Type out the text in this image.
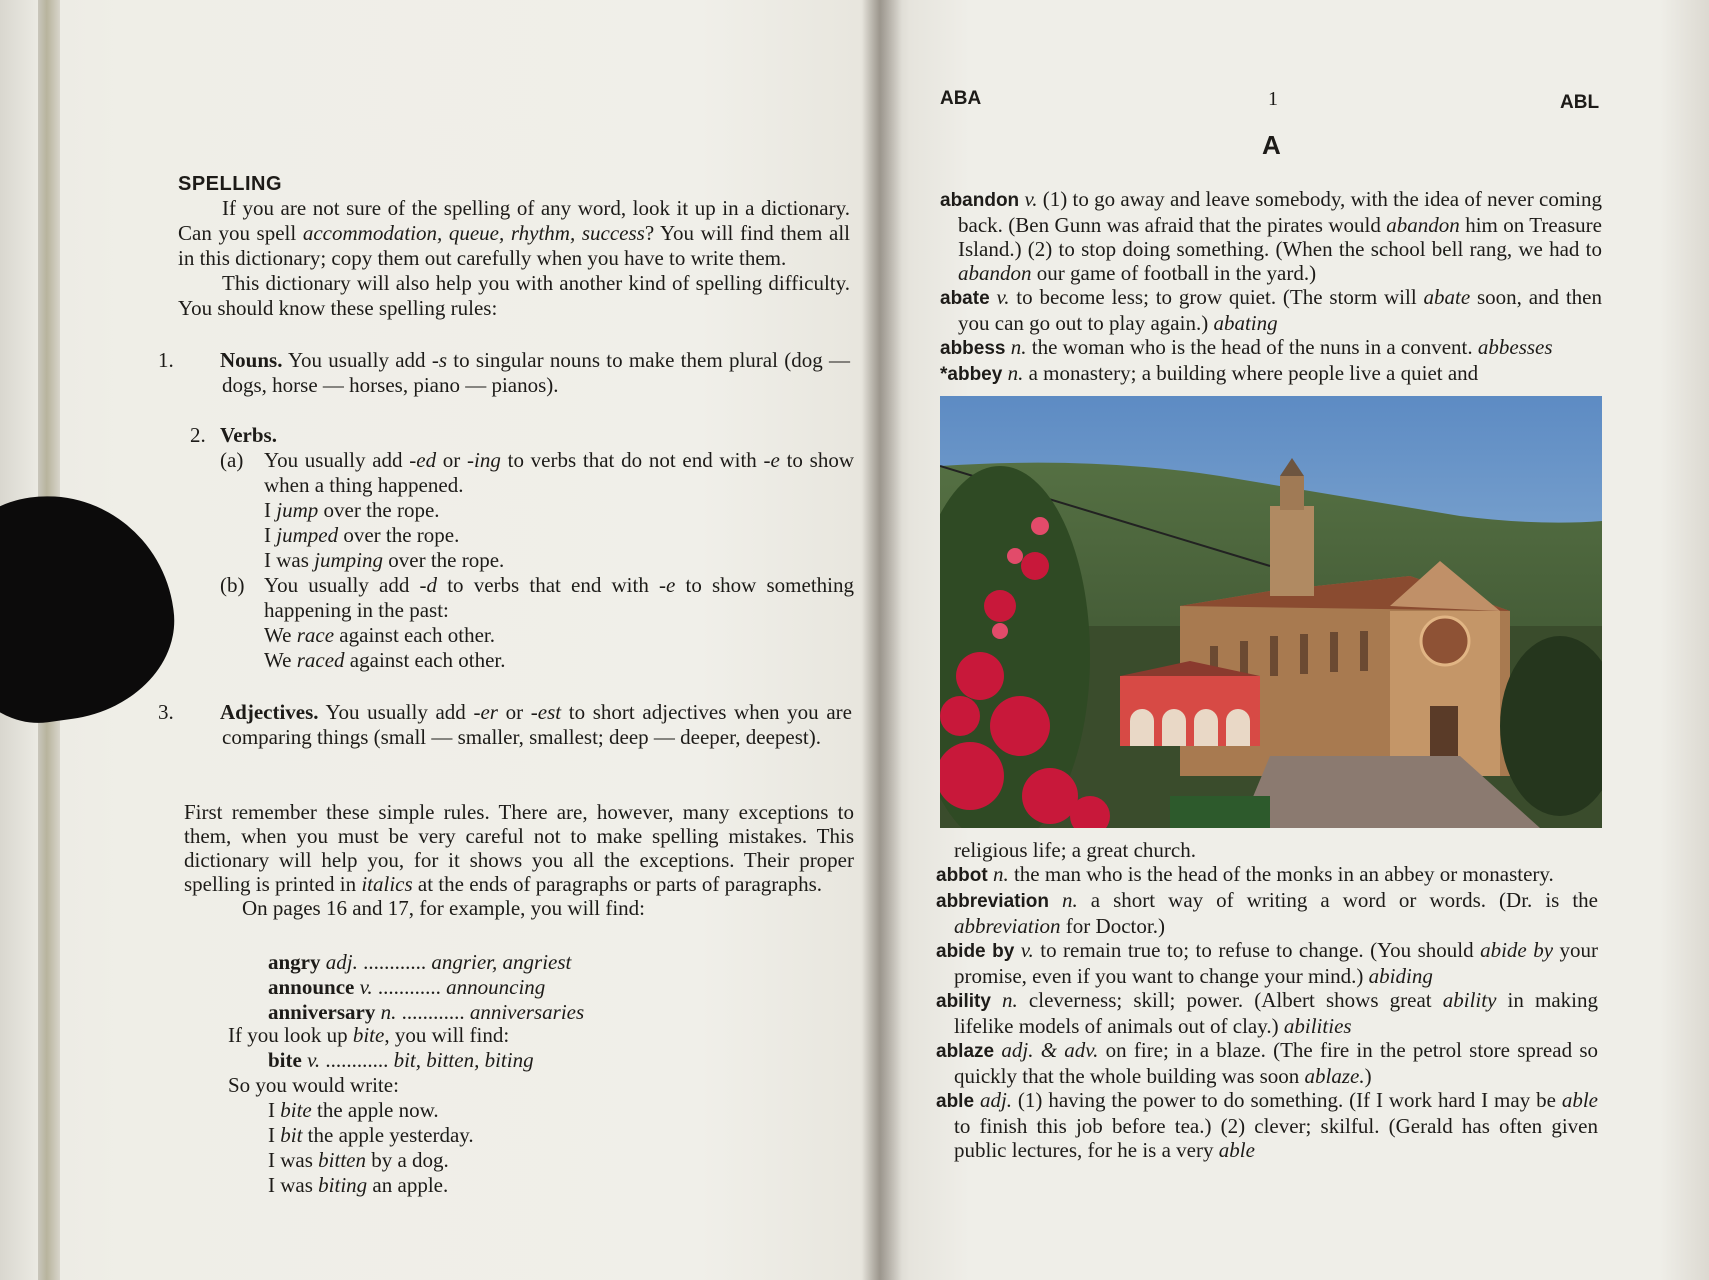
SPELLING

If you are not sure of the spelling of any word, look it up in a dictionary. Can you spell accommodation, queue, rhythm, success? You will find them all in this dictionary; copy them out carefully when you have to write them.

This dictionary will also help you with another kind of spelling difficulty. You should know these spelling rules:

1. Nouns. You usually add -s to singular nouns to make them plural (dog — dogs, horse — horses, piano — pianos).

2. Verbs.

(a) You usually add -ed or -ing to verbs that do not end with -e to show when a thing happened.

I jump over the rope.

I jumped over the rope.

I was jumping over the rope.

(b) You usually add -d to verbs that end with -e to show something happening in the past:

We race against each other.

We raced against each other.

3. Adjectives. You usually add -er or -est to short adjectives when you are comparing things (small — smaller, smallest; deep — deeper, deepest).

First remember these simple rules. There are, however, many exceptions to them, when you must be very careful not to make spelling mistakes. This dictionary will help you, for it shows you all the exceptions. Their proper spelling is printed in italics at the ends of paragraphs or parts of paragraphs.

On pages 16 and 17, for example, you will find:

angry adj. ............ angrier, angriest

announce v. ............ announcing

anniversary n. ............ anniversaries

If you look up bite, you will find:

bite v. ............ bit, bitten, biting

So you would write:

I bite the apple now.

I bit the apple yesterday.

I was bitten by a dog.

I was biting an apple.

ABA	1	ABL
A

abandon v. (1) to go away and leave somebody, with the idea of never coming back. (Ben Gunn was afraid that the pirates would abandon him on Treasure Island.) (2) to stop doing something. (When the school bell rang, we had to abandon our game of football in the yard.)

abate v. to become less; to grow quiet. (The storm will abate soon, and then you can go out to play again.) abating

abbess n. the woman who is the head of the nuns in a convent. abbesses

*abbey n. a monastery; a building where people live a quiet and

religious life; a great church.

abbot n. the man who is the head of the monks in an abbey or monastery.

abbreviation n. a short way of writing a word or words. (Dr. is the abbreviation for Doctor.)

abide by v. to remain true to; to refuse to change. (You should abide by your promise, even if you want to change your mind.) abiding

ability n. cleverness; skill; power. (Albert shows great ability in making lifelike models of animals out of clay.) abilities

ablaze adj. & adv. on fire; in a blaze. (The fire in the petrol store spread so quickly that the whole building was soon ablaze.)

able adj. (1) having the power to do something. (If I work hard I may be able to finish this job before tea.) (2) clever; skilful. (Gerald has often given public lectures, for he is a very able
